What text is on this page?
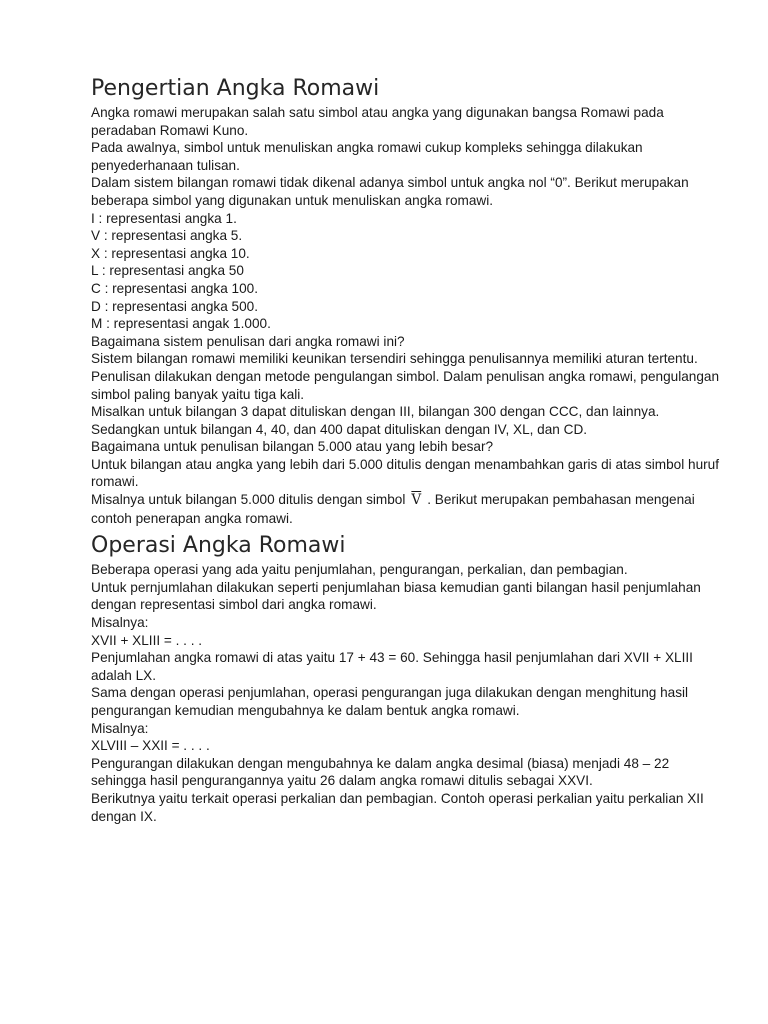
Pengertian Angka Romawi

Angka romawi merupakan salah satu simbol atau angka yang digunakan bangsa Romawi pada peradaban Romawi Kuno.

Pada awalnya, simbol untuk menuliskan angka romawi cukup kompleks sehingga dilakukan penyederhanaan tulisan.

Dalam sistem bilangan romawi tidak dikenal adanya simbol untuk angka nol “0”. Berikut merupakan beberapa simbol yang digunakan untuk menuliskan angka romawi.

I : representasi angka 1.

V : representasi angka 5.

X : representasi angka 10.

L : representasi angka 50

C : representasi angka 100.

D : representasi angka 500.

M : representasi angak 1.000.

Bagaimana sistem penulisan dari angka romawi ini?

Sistem bilangan romawi memiliki keunikan tersendiri sehingga penulisannya memiliki aturan tertentu.

Penulisan dilakukan dengan metode pengulangan simbol. Dalam penulisan angka romawi, pengulangan simbol paling banyak yaitu tiga kali.

Misalkan untuk bilangan 3 dapat dituliskan dengan III, bilangan 300 dengan CCC, dan lainnya. Sedangkan untuk bilangan 4, 40, dan 400 dapat dituliskan dengan IV, XL, dan CD.

Bagaimana untuk penulisan bilangan 5.000 atau yang lebih besar?

Untuk bilangan atau angka yang lebih dari 5.000 ditulis dengan menambahkan garis di atas simbol huruf romawi.

Misalnya untuk bilangan 5.000 ditulis dengan simbol $\overline{V}$ . Berikut merupakan pembahasan mengenai contoh penerapan angka romawi.

Operasi Angka Romawi

Beberapa operasi yang ada yaitu penjumlahan, pengurangan, perkalian, dan pembagian.

Untuk pernjumlahan dilakukan seperti penjumlahan biasa kemudian ganti bilangan hasil penjumlahan dengan representasi simbol dari angka romawi.

Misalnya:

XVII + XLIII = . . . .

Penjumlahan angka romawi di atas yaitu 17 + 43 = 60. Sehingga hasil penjumlahan dari XVII + XLIII adalah LX.

Sama dengan operasi penjumlahan, operasi pengurangan juga dilakukan dengan menghitung hasil pengurangan kemudian mengubahnya ke dalam bentuk angka romawi.

Misalnya:

XLVIII – XXII = . . . .

Pengurangan dilakukan dengan mengubahnya ke dalam angka desimal (biasa) menjadi 48 – 22 sehingga hasil pengurangannya yaitu 26 dalam angka romawi ditulis sebagai XXVI.

Berikutnya yaitu terkait operasi perkalian dan pembagian. Contoh operasi perkalian yaitu perkalian XII dengan IX.
